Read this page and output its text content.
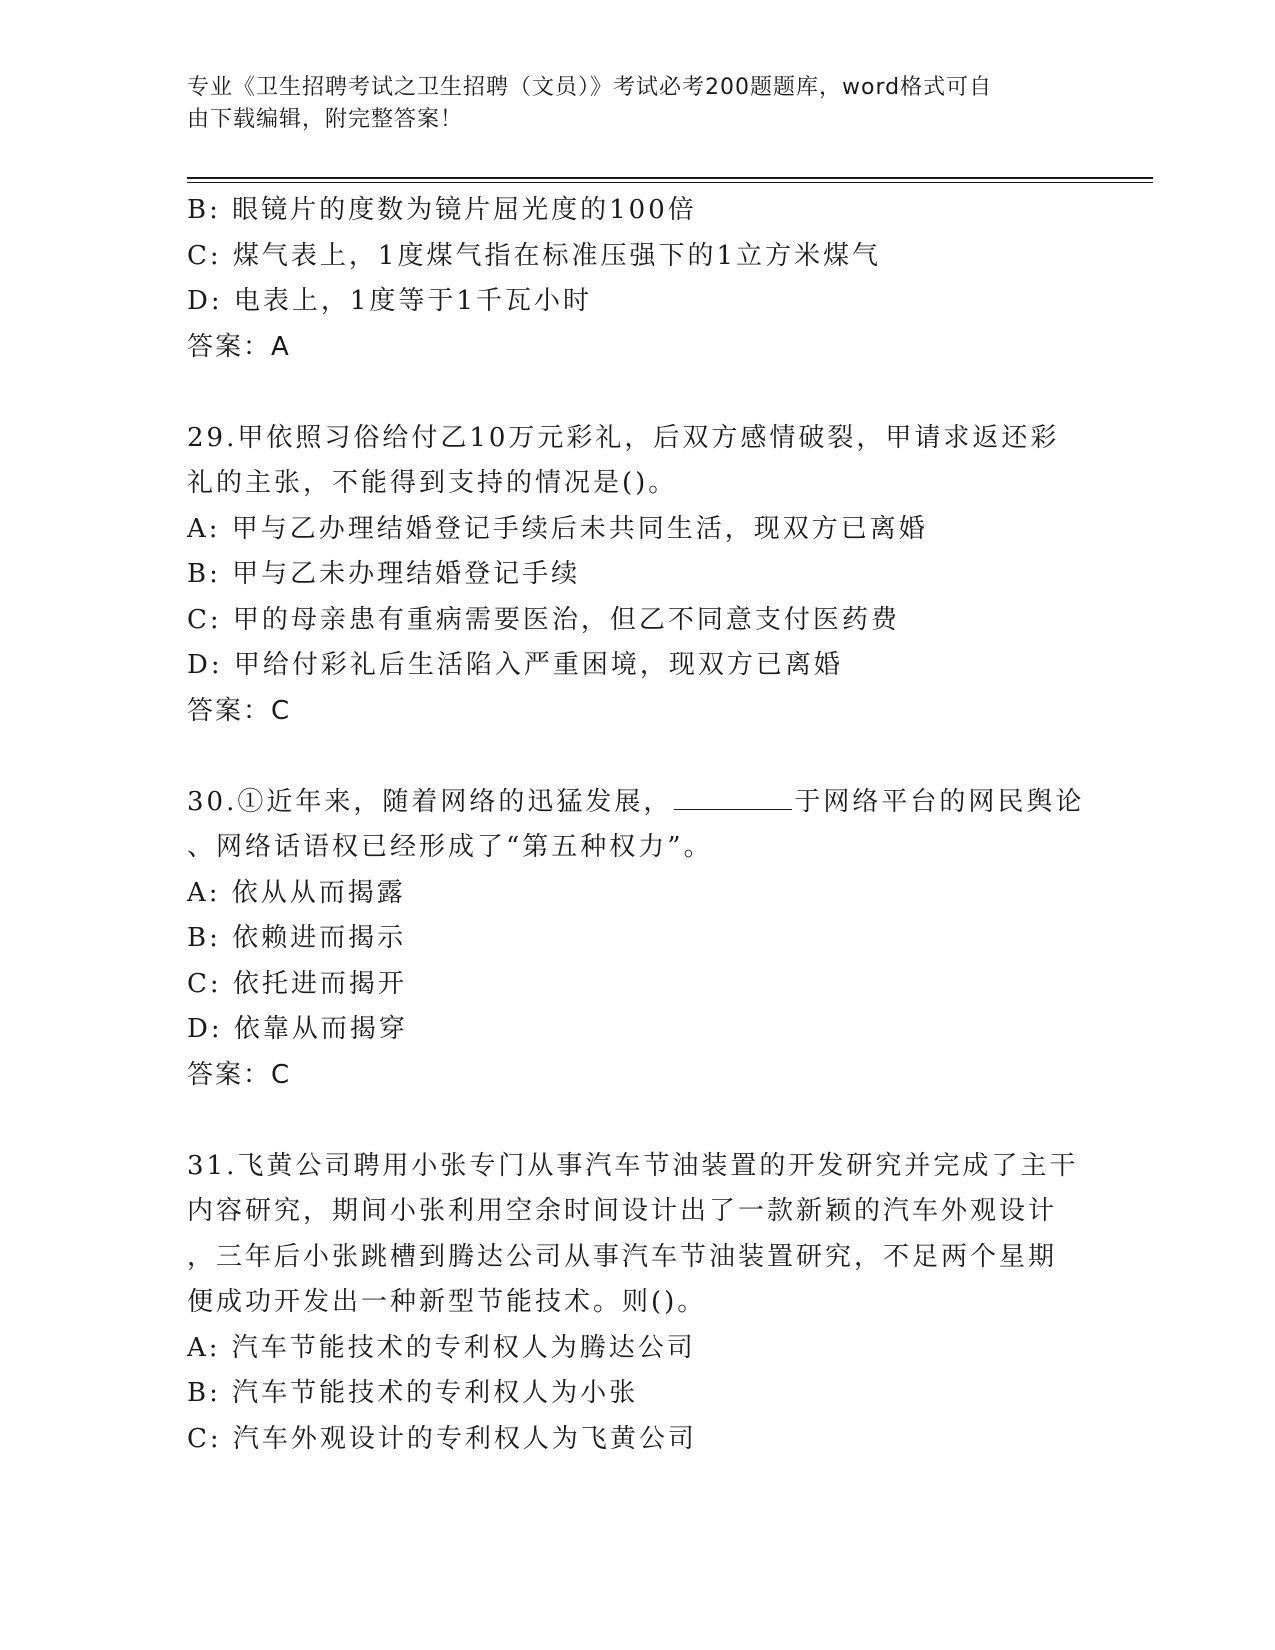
专业《卫生招聘考试之卫生招聘（文员）》考试必考200题题库，word格式可自
由下载编辑，附完整答案！
B: 眼镜片的度数为镜片屈光度的100倍
C: 煤气表上，1度煤气指在标准压强下的1立方米煤气
D: 电表上，1度等于1千瓦小时
答案：A
29.甲依照习俗给付乙10万元彩礼，后双方感情破裂，甲请求返还彩
礼的主张，不能得到支持的情况是()。
A: 甲与乙办理结婚登记手续后未共同生活，现双方已离婚
B: 甲与乙未办理结婚登记手续
C: 甲的母亲患有重病需要医治，但乙不同意支付医药费
D: 甲给付彩礼后生活陷入严重困境，现双方已离婚
答案：C
30.①近年来，随着网络的迅猛发展，	于网络平台的网民舆论
、网络话语权已经形成了“第五种权力”。
A: 依从从而揭露
B: 依赖进而揭示
C: 依托进而揭开
D: 依靠从而揭穿
答案：C
31.飞黄公司聘用小张专门从事汽车节油装置的开发研究并完成了主干
内容研究，期间小张利用空余时间设计出了一款新颖的汽车外观设计
，三年后小张跳槽到腾达公司从事汽车节油装置研究，不足两个星期
便成功开发出一种新型节能技术。则()。
A: 汽车节能技术的专利权人为腾达公司
B: 汽车节能技术的专利权人为小张
C: 汽车外观设计的专利权人为飞黄公司
